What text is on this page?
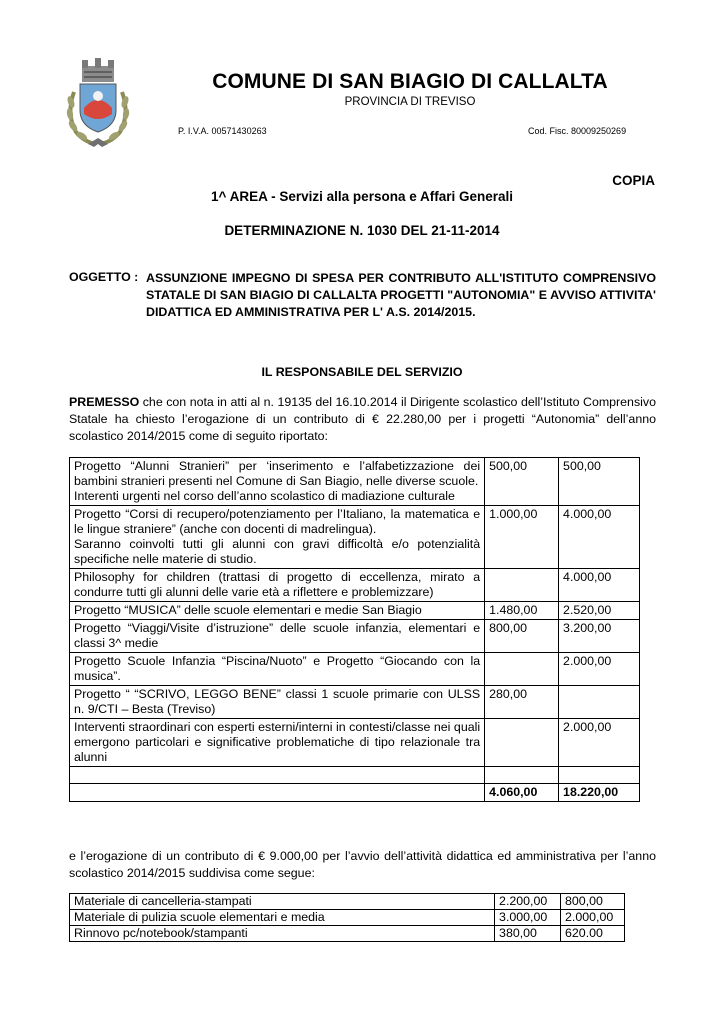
COMUNE DI SAN BIAGIO DI CALLALTA
PROVINCIA DI TREVISO
P. I.V.A. 00571430263	Cod. Fisc. 80009250269
COPIA
1^ AREA - Servizi alla persona e Affari Generali
DETERMINAZIONE N. 1030 DEL 21-11-2014
OGGETTO : ASSUNZIONE IMPEGNO DI SPESA PER CONTRIBUTO ALL'ISTITUTO COMPRENSIVO STATALE DI SAN BIAGIO DI CALLALTA PROGETTI "AUTONOMIA" E AVVISO ATTIVITA' DIDATTICA ED AMMINISTRATIVA PER L' A.S. 2014/2015.
IL RESPONSABILE DEL SERVIZIO
PREMESSO che con nota in atti al n. 19135 del 16.10.2014 il Dirigente scolastico dell’Istituto Comprensivo Statale ha chiesto l’erogazione di un contributo di € 22.280,00 per i progetti “Autonomia” dell’anno scolastico 2014/2015 come di seguito riportato:
Progetto “Alunni Stranieri” per ‘inserimento e l’alfabetizzazione dei bambini stranieri presenti nel Comune di San Biagio, nelle diverse scuole.
Interenti urgenti nel corso dell’anno scolastico di madiazione culturale	500,00	500,00
Progetto “Corsi di recupero/potenziamento per l’Italiano, la matematica e le lingue straniere” (anche con docenti di madrelingua).
Saranno coinvolti tutti gli alunni con gravi difficoltà e/o potenzialità specifiche nelle materie di studio.	1.000,00	4.000,00
Philosophy for children (trattasi di progetto di eccellenza, mirato a condurre tutti gli alunni delle varie età a riflettere e problemizzare)		4.000,00
Progetto “MUSICA” delle scuole elementari e medie San Biagio	1.480,00	2.520,00
Progetto “Viaggi/Visite d’istruzione” delle scuole infanzia, elementari e classi 3^ medie	800,00	3.200,00
Progetto Scuole Infanzia “Piscina/Nuoto” e Progetto “Giocando con la musica”.		2.000,00
Progetto “ “SCRIVO, LEGGO BENE” classi 1 scuole primarie con ULSS n. 9/CTI – Besta (Treviso)	280,00	
Interventi straordinari con esperti esterni/interni in contesti/classe nei quali emergono particolari e significative problematiche di tipo relazionale tra alunni		2.000,00

	4.060,00	18.220,00
e l’erogazione di un contributo di € 9.000,00 per l’avvio dell’attività didattica ed amministrativa per l’anno scolastico 2014/2015 suddivisa come segue:
Materiale di cancelleria-stampati	2.200,00	800,00
Materiale di pulizia scuole elementari e media	3.000,00	2.000,00
Rinnovo pc/notebook/stampanti	380,00	620.00
